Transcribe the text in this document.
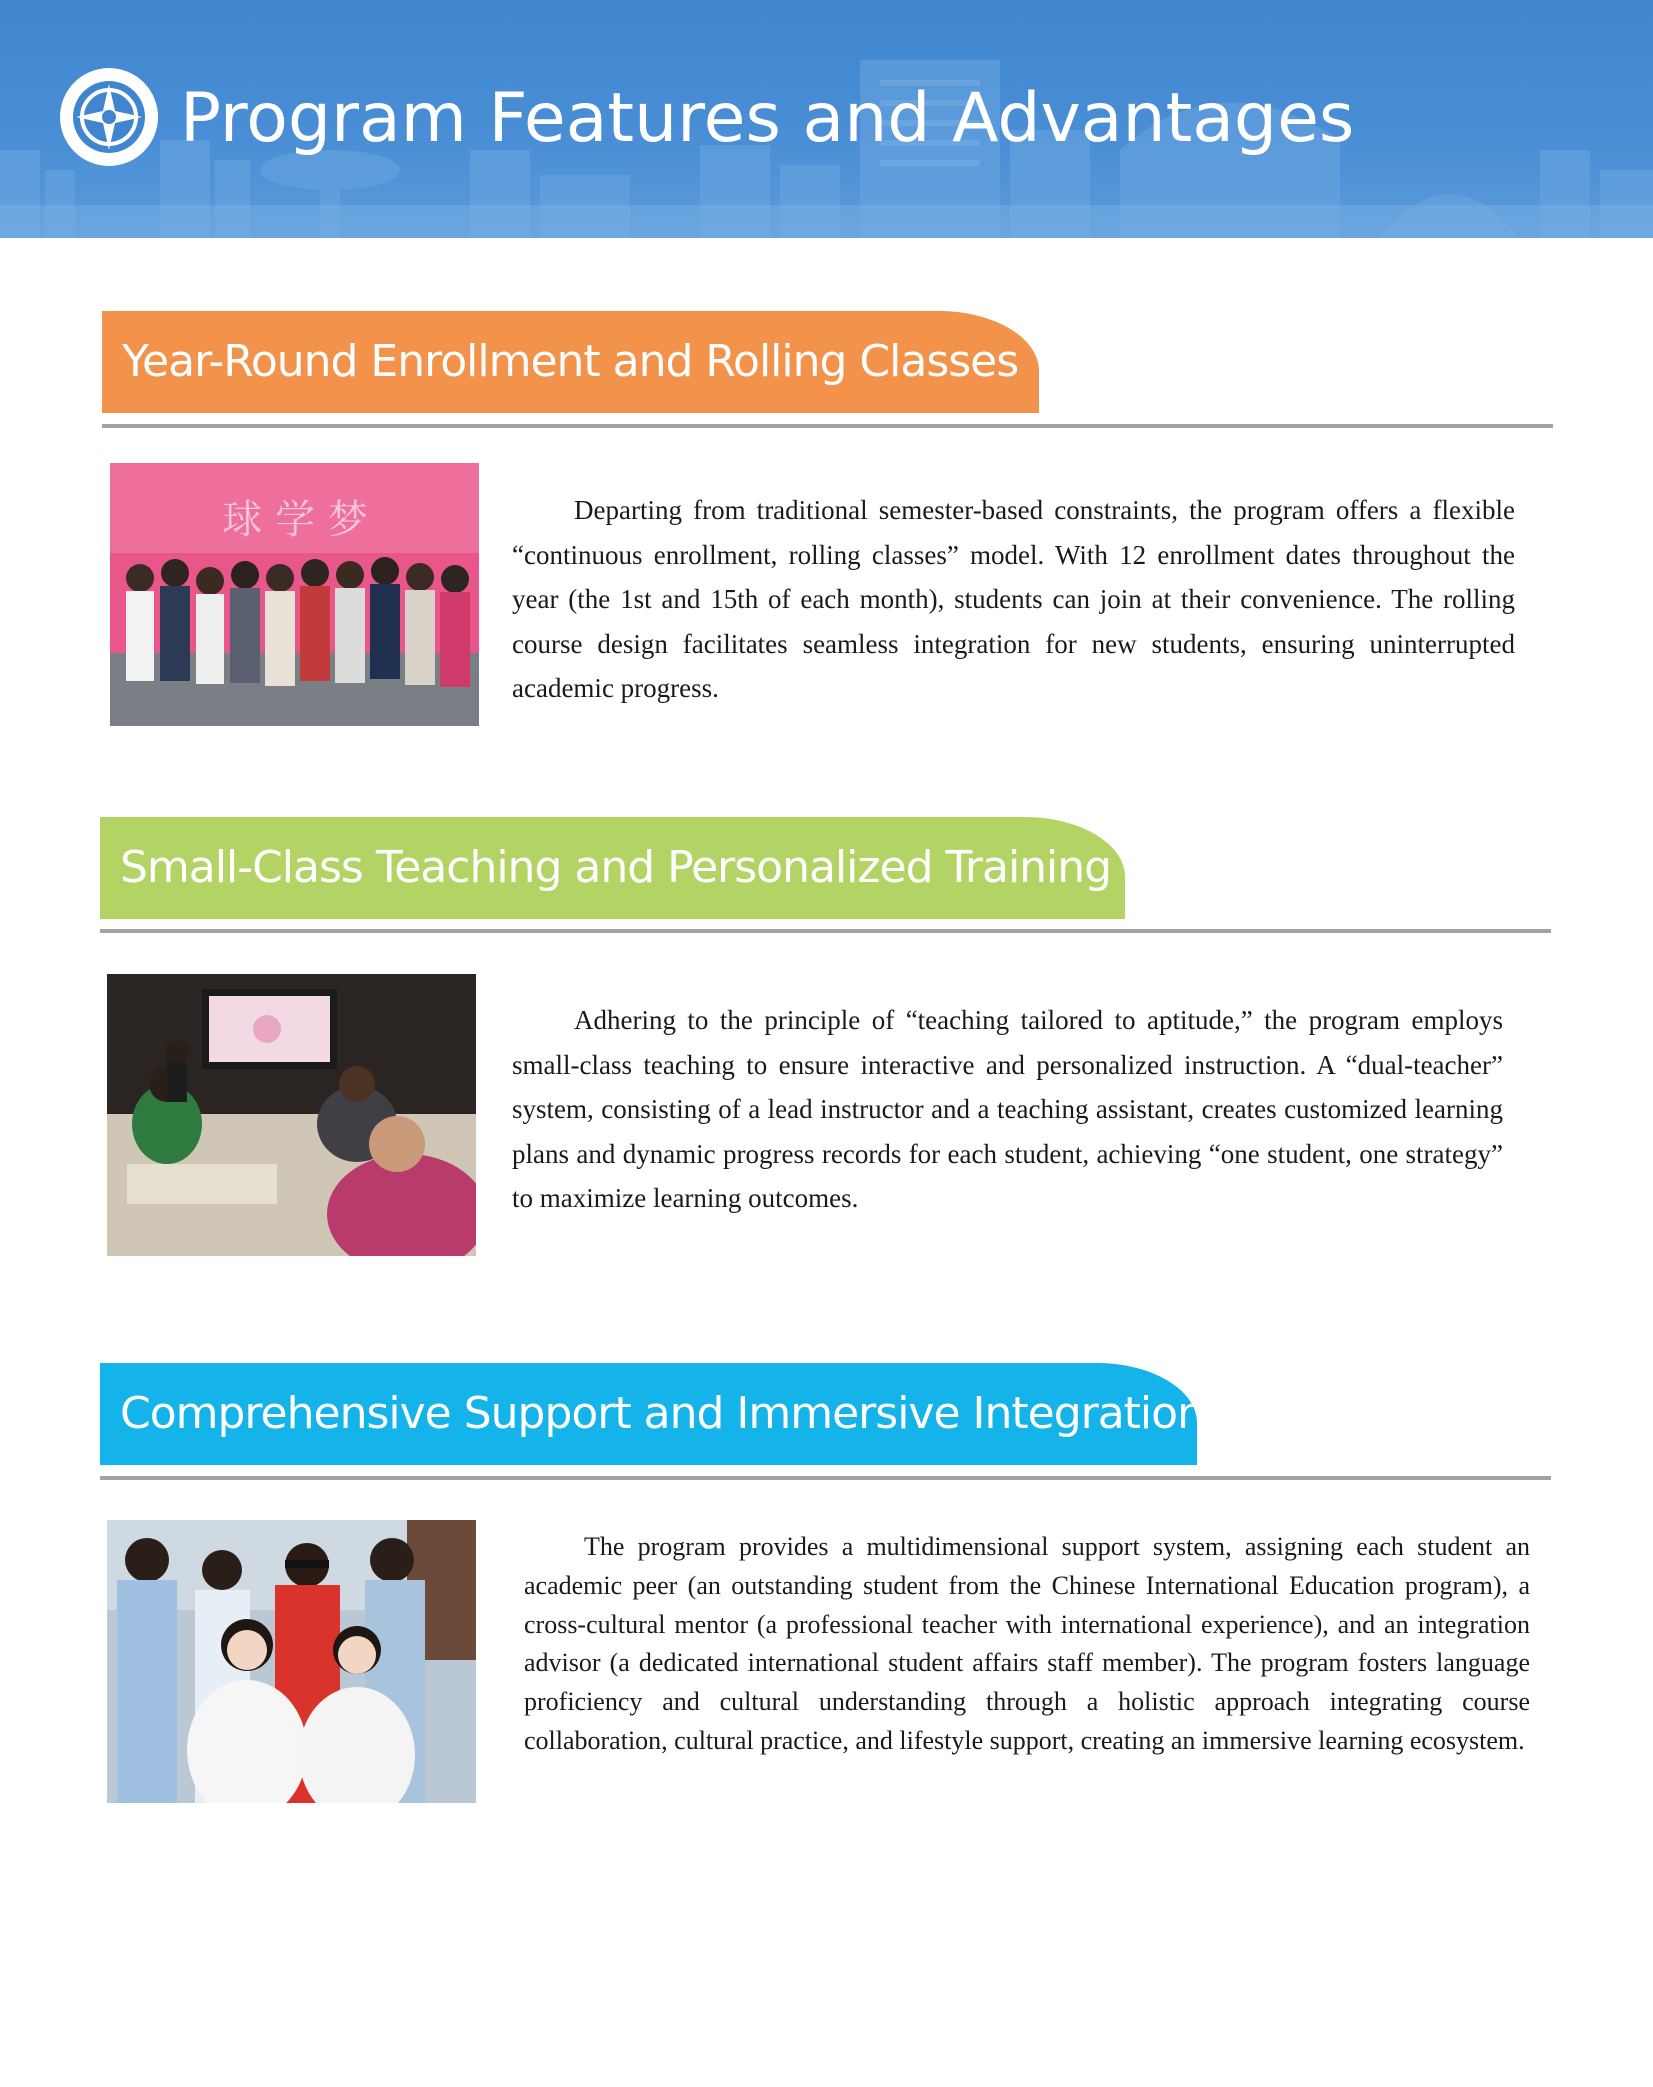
Program Features and Advantages
Year-Round Enrollment and Rolling Classes
球 学 梦	Departing from traditional semester-based constraints, the program offers a flexible “continuous enrollment, rolling classes” model. With 12 enrollment dates throughout the year (the 1st and 15th of each month), students can join at their convenience. The rolling course design facilitates seamless integration for new students, ensuring uninterrupted academic progress.

Small-Class Teaching and Personalized Training

Adhering to the principle of “teaching tailored to aptitude,” the program employs small-class teaching to ensure interactive and personalized instruction. A “dual-teacher” system, consisting of a lead instructor and a teaching assistant, creates customized learning plans and dynamic progress records for each student, achieving “one student, one strategy” to maximize learning outcomes.

Comprehensive Support and Immersive Integration

The program provides a multidimensional support system, assigning each student an academic peer (an outstanding student from the Chinese International Education program), a cross-cultural mentor (a professional teacher with international experience), and an integration advisor (a dedicated international student affairs staff member). The program fosters language proficiency and cultural understanding through a holistic approach integrating course collaboration, cultural practice, and lifestyle support, creating an immersive learning ecosystem.
